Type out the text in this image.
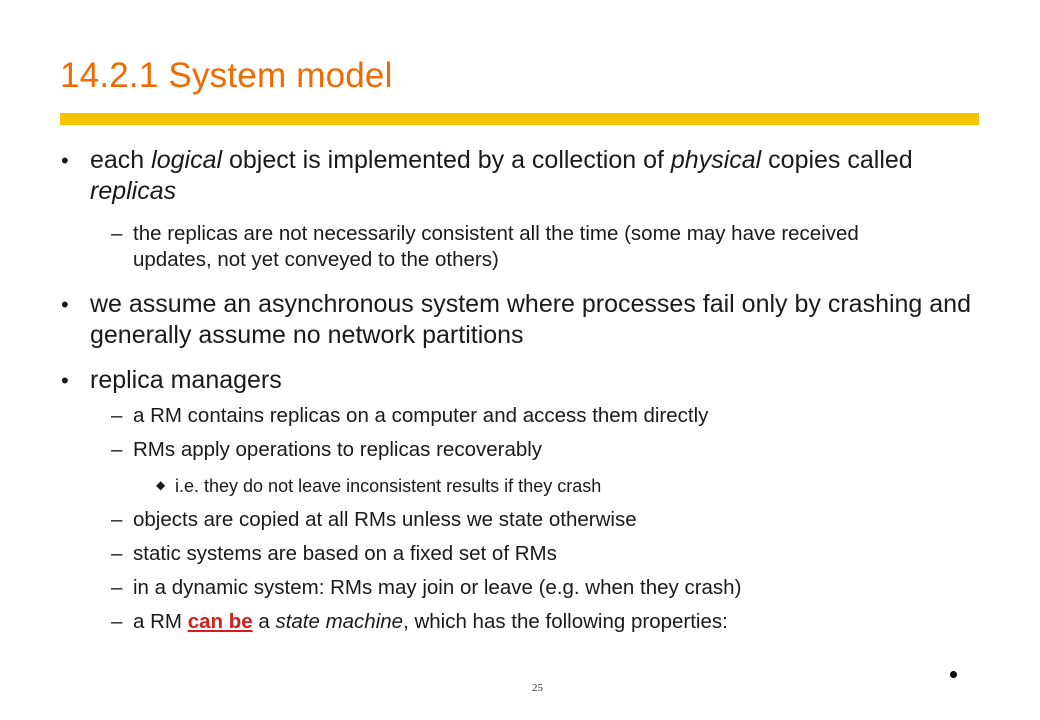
14.2.1 System model
• each logical object is implemented by a collection of physical copies called replicas
– the replicas are not necessarily consistent all the time (some may have received updates, not yet conveyed to the others)
• we assume an asynchronous system where processes fail only by crashing and generally assume no network partitions
• replica managers
– a RM contains replicas on a computer and access them directly
– RMs apply operations to replicas recoverably
◆ i.e. they do not leave inconsistent results if they crash
– objects are copied at all RMs unless we state otherwise
– static systems are based on a fixed set of RMs
– in a dynamic system: RMs may join or leave (e.g. when they crash)
– a RM can be a state machine, which has the following properties:
25
